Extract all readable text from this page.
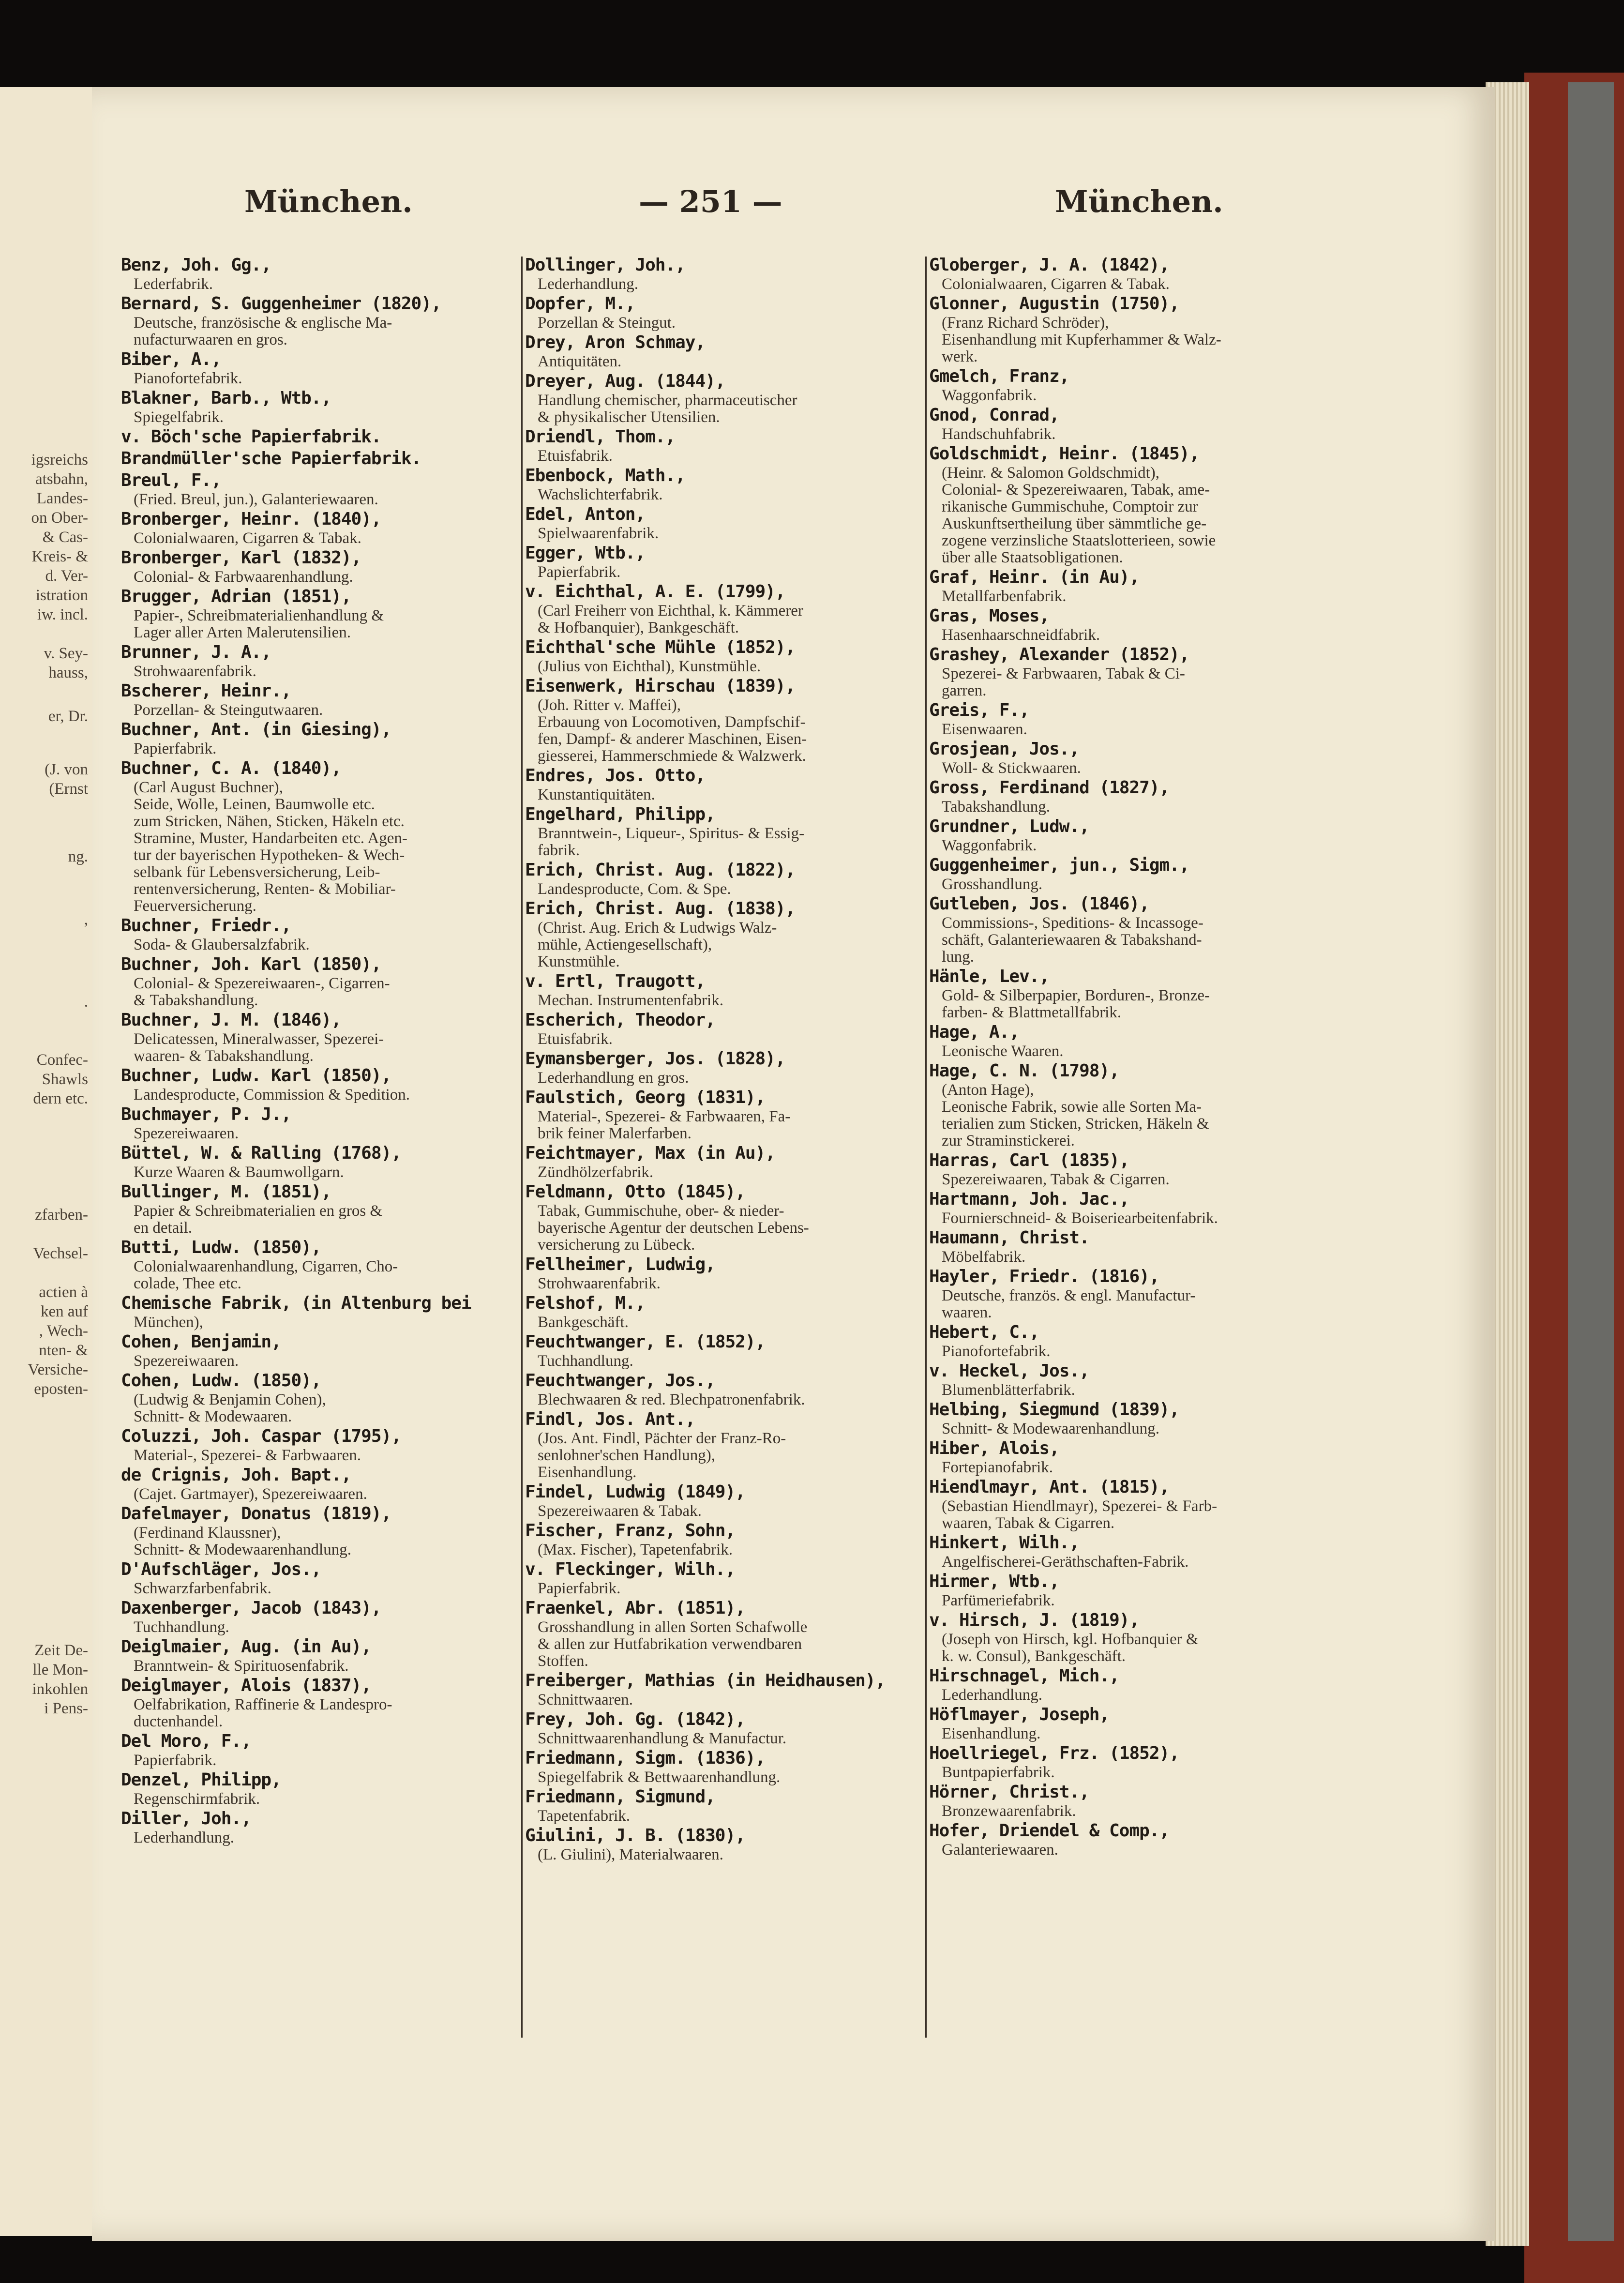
igsreichs
atsbahn,
Landes-
on Ober-
& Cas-
Kreis- &
d. Ver-
istration
iw. incl.
v. Sey-
hauss,
er, Dr.
(J. von
(Ernst
ng.
,
.
Confec-
Shawls
dern etc.
zfarben-
Vechsel-
actien à
ken auf
, Wech-
nten- &
Versiche-
eposten-
Zeit De-
lle Mon-
inkohlen
i Pens-
München.	— 251 —	München.
Benz, Joh. Gg.,
Lederfabrik.
Bernard, S. Guggenheimer (1820),
Deutsche, französische & englische Ma-
nufacturwaaren en gros.
Biber, A.,
Pianofortefabrik.
Blakner, Barb., Wtb.,
Spiegelfabrik.
v. Böch'sche Papierfabrik.
Brandmüller'sche Papierfabrik.
Breul, F.,
(Fried. Breul, jun.), Galanteriewaaren.
Bronberger, Heinr. (1840),
Colonialwaaren, Cigarren & Tabak.
Bronberger, Karl (1832),
Colonial- & Farbwaarenhandlung.
Brugger, Adrian (1851),
Papier-, Schreibmaterialienhandlung &
Lager aller Arten Malerutensilien.
Brunner, J. A.,
Strohwaarenfabrik.
Bscherer, Heinr.,
Porzellan- & Steingutwaaren.
Buchner, Ant. (in Giesing),
Papierfabrik.
Buchner, C. A. (1840),
(Carl August Buchner),
Seide, Wolle, Leinen, Baumwolle etc.
zum Stricken, Nähen, Sticken, Häkeln etc.
Stramine, Muster, Handarbeiten etc. Agen-
tur der bayerischen Hypotheken- & Wech-
selbank für Lebensversicherung, Leib-
rentenversicherung, Renten- & Mobiliar-
Feuerversicherung.
Buchner, Friedr.,
Soda- & Glaubersalzfabrik.
Buchner, Joh. Karl (1850),
Colonial- & Spezereiwaaren-, Cigarren-
& Tabakshandlung.
Buchner, J. M. (1846),
Delicatessen, Mineralwasser, Spezerei-
waaren- & Tabakshandlung.
Buchner, Ludw. Karl (1850),
Landesproducte, Commission & Spedition.
Buchmayer, P. J.,
Spezereiwaaren.
Büttel, W. & Ralling (1768),
Kurze Waaren & Baumwollgarn.
Bullinger, M. (1851),
Papier & Schreibmaterialien en gros &
en detail.
Butti, Ludw. (1850),
Colonialwaarenhandlung, Cigarren, Cho-
colade, Thee etc.
Chemische Fabrik, (in Altenburg bei
München),
Cohen, Benjamin,
Spezereiwaaren.
Cohen, Ludw. (1850),
(Ludwig & Benjamin Cohen),
Schnitt- & Modewaaren.
Coluzzi, Joh. Caspar (1795),
Material-, Spezerei- & Farbwaaren.
de Crignis, Joh. Bapt.,
(Cajet. Gartmayer), Spezereiwaaren.
Dafelmayer, Donatus (1819),
(Ferdinand Klaussner),
Schnitt- & Modewaarenhandlung.
D'Aufschläger, Jos.,
Schwarzfarbenfabrik.
Daxenberger, Jacob (1843),
Tuchhandlung.
Deiglmaier, Aug. (in Au),
Branntwein- & Spirituosenfabrik.
Deiglmayer, Alois (1837),
Oelfabrikation, Raffinerie & Landespro-
ductenhandel.
Del Moro, F.,
Papierfabrik.
Denzel, Philipp,
Regenschirmfabrik.
Diller, Joh.,
Lederhandlung.
Dollinger, Joh.,
Lederhandlung.
Dopfer, M.,
Porzellan & Steingut.
Drey, Aron Schmay,
Antiquitäten.
Dreyer, Aug. (1844),
Handlung chemischer, pharmaceutischer
& physikalischer Utensilien.
Driendl, Thom.,
Etuisfabrik.
Ebenbock, Math.,
Wachslichterfabrik.
Edel, Anton,
Spielwaarenfabrik.
Egger, Wtb.,
Papierfabrik.
v. Eichthal, A. E. (1799),
(Carl Freiherr von Eichthal, k. Kämmerer
& Hofbanquier), Bankgeschäft.
Eichthal'sche Mühle (1852),
(Julius von Eichthal), Kunstmühle.
Eisenwerk, Hirschau (1839),
(Joh. Ritter v. Maffei),
Erbauung von Locomotiven, Dampfschif-
fen, Dampf- & anderer Maschinen, Eisen-
giesserei, Hammerschmiede & Walzwerk.
Endres, Jos. Otto,
Kunstantiquitäten.
Engelhard, Philipp,
Branntwein-, Liqueur-, Spiritus- & Essig-
fabrik.
Erich, Christ. Aug. (1822),
Landesproducte, Com. & Spe.
Erich, Christ. Aug. (1838),
(Christ. Aug. Erich & Ludwigs Walz-
mühle, Actiengesellschaft),
Kunstmühle.
v. Ertl, Traugott,
Mechan. Instrumentenfabrik.
Escherich, Theodor,
Etuisfabrik.
Eymansberger, Jos. (1828),
Lederhandlung en gros.
Faulstich, Georg (1831),
Material-, Spezerei- & Farbwaaren, Fa-
brik feiner Malerfarben.
Feichtmayer, Max (in Au),
Zündhölzerfabrik.
Feldmann, Otto (1845),
Tabak, Gummischuhe, ober- & nieder-
bayerische Agentur der deutschen Lebens-
versicherung zu Lübeck.
Fellheimer, Ludwig,
Strohwaarenfabrik.
Felshof, M.,
Bankgeschäft.
Feuchtwanger, E. (1852),
Tuchhandlung.
Feuchtwanger, Jos.,
Blechwaaren & red. Blechpatronenfabrik.
Findl, Jos. Ant.,
(Jos. Ant. Findl, Pächter der Franz-Ro-
senlohner'schen Handlung),
Eisenhandlung.
Findel, Ludwig (1849),
Spezereiwaaren & Tabak.
Fischer, Franz, Sohn,
(Max. Fischer), Tapetenfabrik.
v. Fleckinger, Wilh.,
Papierfabrik.
Fraenkel, Abr. (1851),
Grosshandlung in allen Sorten Schafwolle
& allen zur Hutfabrikation verwendbaren
Stoffen.
Freiberger, Mathias (in Heidhausen),
Schnittwaaren.
Frey, Joh. Gg. (1842),
Schnittwaarenhandlung & Manufactur.
Friedmann, Sigm. (1836),
Spiegelfabrik & Bettwaarenhandlung.
Friedmann, Sigmund,
Tapetenfabrik.
Giulini, J. B. (1830),
(L. Giulini), Materialwaaren.
Globerger, J. A. (1842),
Colonialwaaren, Cigarren & Tabak.
Glonner, Augustin (1750),
(Franz Richard Schröder),
Eisenhandlung mit Kupferhammer & Walz-
werk.
Gmelch, Franz,
Waggonfabrik.
Gnod, Conrad,
Handschuhfabrik.
Goldschmidt, Heinr. (1845),
(Heinr. & Salomon Goldschmidt),
Colonial- & Spezereiwaaren, Tabak, ame-
rikanische Gummischuhe, Comptoir zur
Auskunftsertheilung über sämmtliche ge-
zogene verzinsliche Staatslotterieen, sowie
über alle Staatsobligationen.
Graf, Heinr. (in Au),
Metallfarbenfabrik.
Gras, Moses,
Hasenhaarschneidfabrik.
Grashey, Alexander (1852),
Spezerei- & Farbwaaren, Tabak & Ci-
garren.
Greis, F.,
Eisenwaaren.
Grosjean, Jos.,
Woll- & Stickwaaren.
Gross, Ferdinand (1827),
Tabakshandlung.
Grundner, Ludw.,
Waggonfabrik.
Guggenheimer, jun., Sigm.,
Grosshandlung.
Gutleben, Jos. (1846),
Commissions-, Speditions- & Incassoge-
schäft, Galanteriewaaren & Tabakshand-
lung.
Hänle, Lev.,
Gold- & Silberpapier, Borduren-, Bronze-
farben- & Blattmetallfabrik.
Hage, A.,
Leonische Waaren.
Hage, C. N. (1798),
(Anton Hage),
Leonische Fabrik, sowie alle Sorten Ma-
terialien zum Sticken, Stricken, Häkeln &
zur Straminstickerei.
Harras, Carl (1835),
Spezereiwaaren, Tabak & Cigarren.
Hartmann, Joh. Jac.,
Fournierschneid- & Boiseriearbeitenfabrik.
Haumann, Christ.
Möbelfabrik.
Hayler, Friedr. (1816),
Deutsche, französ. & engl. Manufactur-
waaren.
Hebert, C.,
Pianofortefabrik.
v. Heckel, Jos.,
Blumenblätterfabrik.
Helbing, Siegmund (1839),
Schnitt- & Modewaarenhandlung.
Hiber, Alois,
Fortepianofabrik.
Hiendlmayr, Ant. (1815),
(Sebastian Hiendlmayr), Spezerei- & Farb-
waaren, Tabak & Cigarren.
Hinkert, Wilh.,
Angelfischerei-Geräthschaften-Fabrik.
Hirmer, Wtb.,
Parfümeriefabrik.
v. Hirsch, J. (1819),
(Joseph von Hirsch, kgl. Hofbanquier &
k. w. Consul), Bankgeschäft.
Hirschnagel, Mich.,
Lederhandlung.
Höflmayer, Joseph,
Eisenhandlung.
Hoellriegel, Frz. (1852),
Buntpapierfabrik.
Hörner, Christ.,
Bronzewaarenfabrik.
Hofer, Driendel & Comp.,
Galanteriewaaren.
